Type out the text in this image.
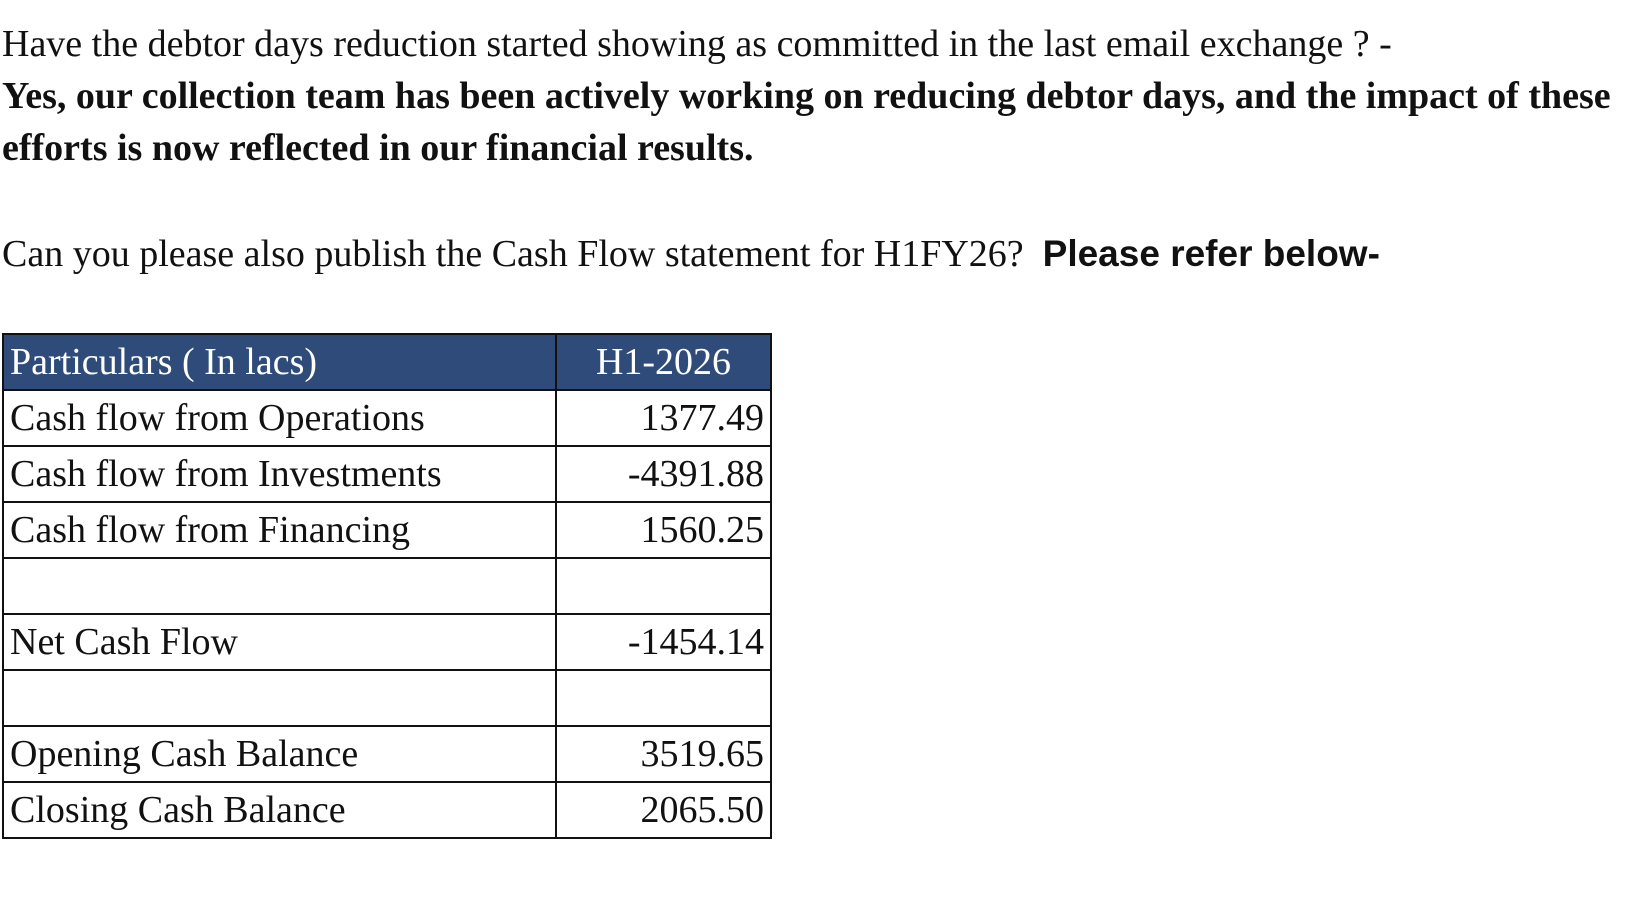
Have the debtor days reduction started showing as committed in the last email exchange ? -
Yes, our collection team has been actively working on reducing debtor days, and the impact of these efforts is now reflected in our financial results.
Can you please also publish the Cash Flow statement for H1FY26? Please refer below-
Particulars ( In lacs)	H1-2026
Cash flow from Operations	1377.49
Cash flow from Investments	-4391.88
Cash flow from Financing	1560.25

Net Cash Flow	-1454.14

Opening Cash Balance	3519.65
Closing Cash Balance	2065.50
